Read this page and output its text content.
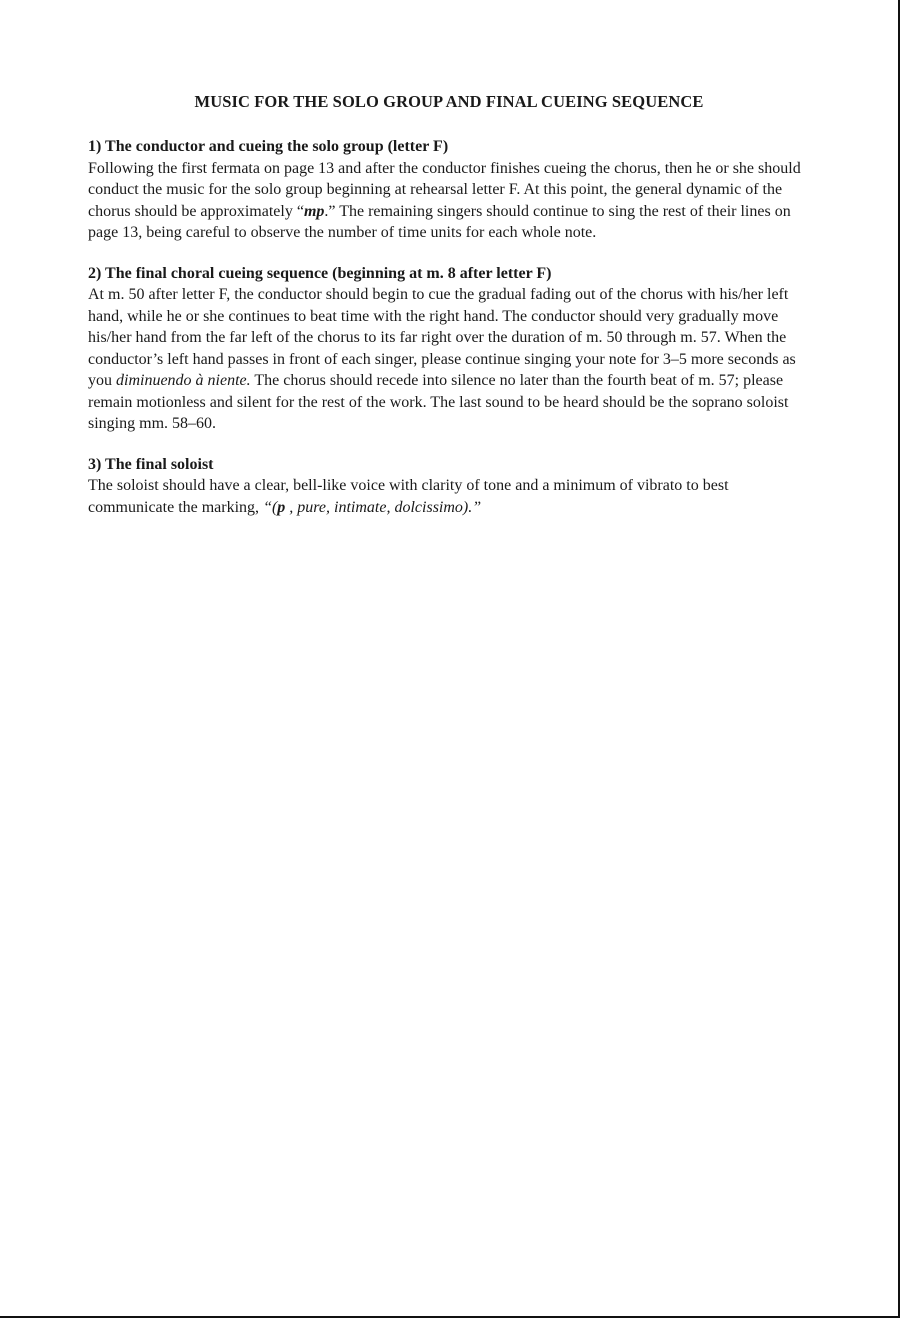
MUSIC FOR THE SOLO GROUP AND FINAL CUEING SEQUENCE

1) The conductor and cueing the solo group (letter F)

Following the first fermata on page 13 and after the conductor finishes cueing the chorus, then he or she should conduct the music for the solo group beginning at rehearsal letter F. At this point, the general dynamic of the chorus should be approximately “mp.” The remaining singers should continue to sing the rest of their lines on page 13, being careful to observe the number of time units for each whole note.

2) The final choral cueing sequence (beginning at m. 8 after letter F)

At m. 50 after letter F, the conductor should begin to cue the gradual fading out of the chorus with his/her left hand, while he or she continues to beat time with the right hand. The conductor should very gradually move his/her hand from the far left of the chorus to its far right over the duration of m. 50 through m. 57. When the conductor’s left hand passes in front of each singer, please continue singing your note for 3–5 more seconds as you diminuendo à niente. The chorus should recede into silence no later than the fourth beat of m. 57; please remain motionless and silent for the rest of the work. The last sound to be heard should be the soprano soloist singing mm. 58–60.

3) The final soloist

The soloist should have a clear, bell-like voice with clarity of tone and a minimum of vibrato to best communicate the marking, “(p , pure, intimate, dolcissimo).”
